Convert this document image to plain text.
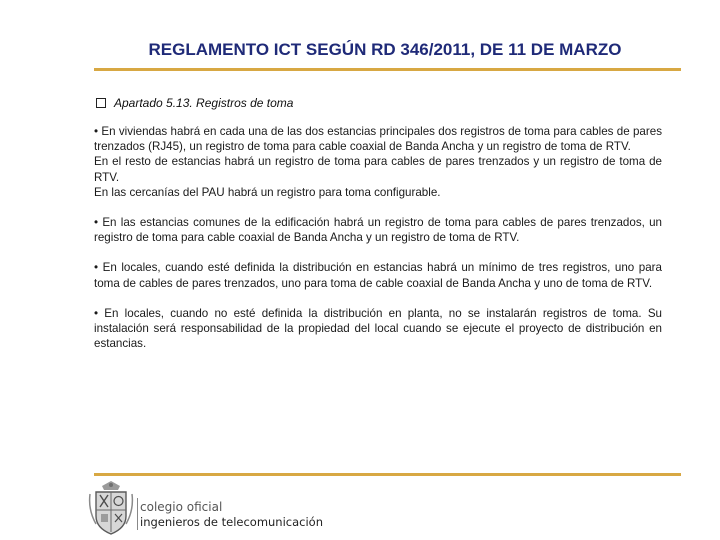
REGLAMENTO ICT SEGÚN RD 346/2011, DE 11 DE MARZO
Apartado 5.13. Registros de toma

• En viviendas habrá en cada una de las dos estancias principales dos registros de toma para cables de pares trenzados (RJ45), un registro de toma para cable coaxial de Banda Ancha y un registro de toma de RTV.

En el resto de estancias habrá un registro de toma para cables de pares trenzados y un registro de toma de RTV.

En las cercanías del PAU habrá un registro para toma configurable.

• En las estancias comunes de la edificación habrá un registro de toma para cables de pares trenzados, un registro de toma para cable coaxial de Banda Ancha y un registro de toma de RTV.

• En locales, cuando esté definida la distribución en estancias habrá un mínimo de tres registros, uno para toma de cables de pares trenzados, uno para toma de cable coaxial de Banda Ancha y uno de toma de RTV.

• En locales, cuando no esté definida la distribución en planta, no se instalarán registros de toma. Su instalación será responsabilidad de la propiedad del local cuando se ejecute el proyecto de distribución en estancias.

colegio oficial
ingenieros de telecomunicación
